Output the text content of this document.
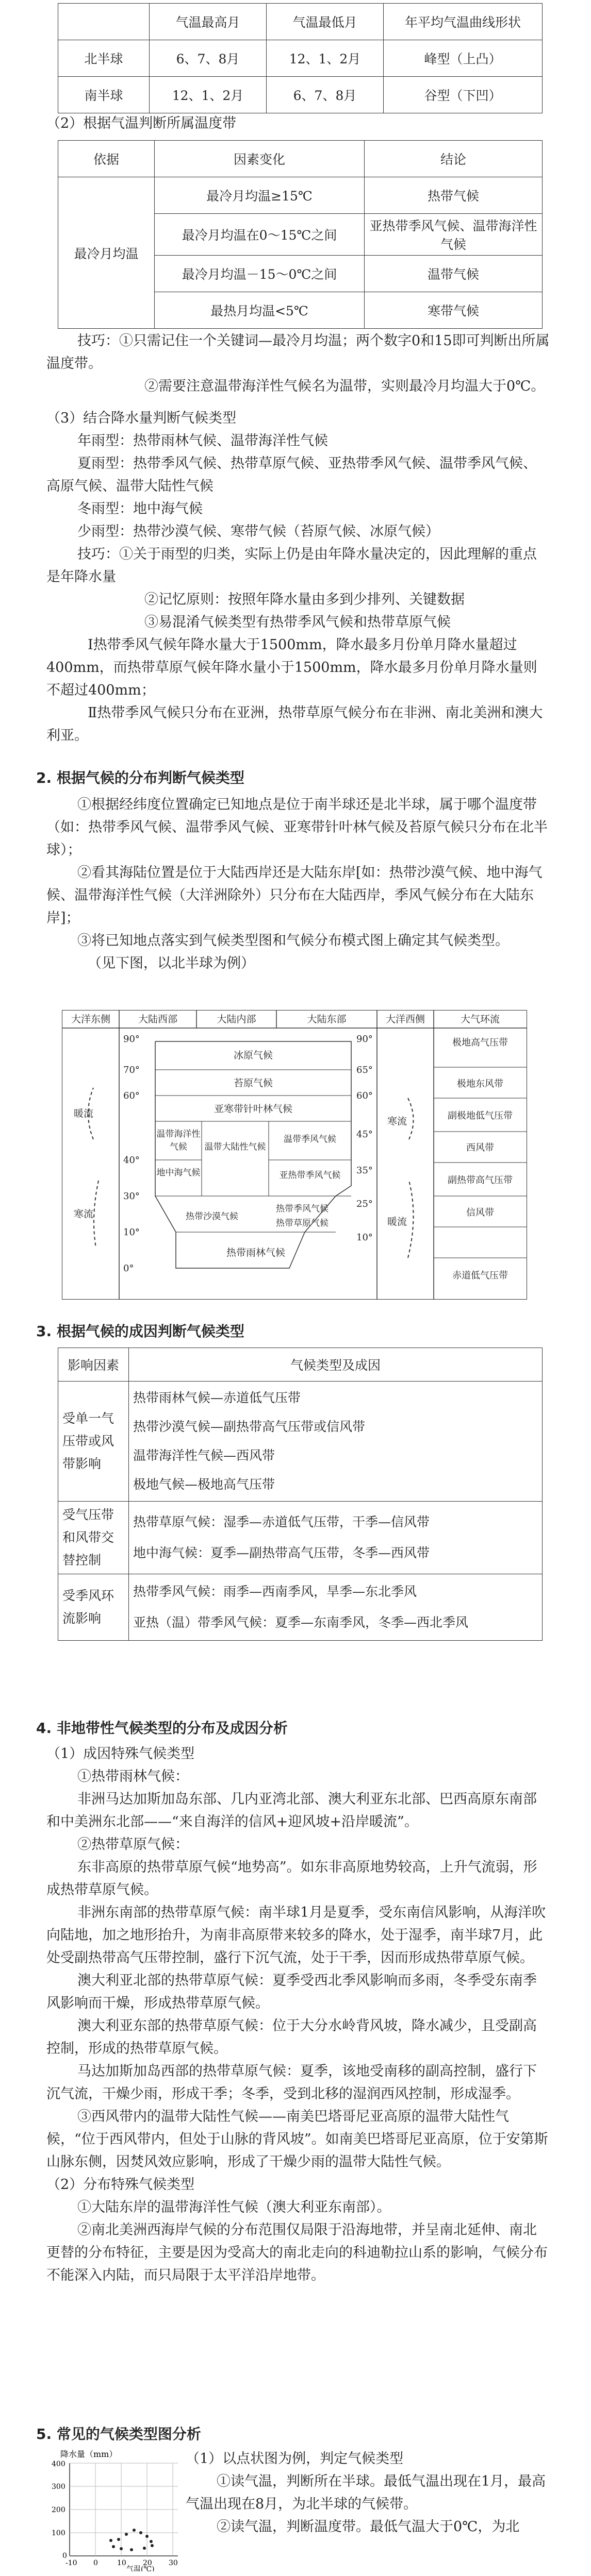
	气温最高月	气温最低月	年平均气温曲线形状
北半球	6、7、8月	12、1、2月	峰型（上凸）
南半球	12、1、2月	6、7、8月	谷型（下凹）

（2）根据气温判断所属温度带

依据	因素变化	结论
最冷月均温	最冷月均温≥15℃	热带气候
	最冷月均温在0～15℃之间	亚热带季风气候、温带海洋性气候
	最冷月均温－15～0℃之间	温带气候
	最热月均温<5℃	寒带气候

技巧：①只需记住一个关键词—最冷月均温；两个数字0和15即可判断出所属温度带。

②需要注意温带海洋性气候名为温带，实则最冷月均温大于0℃。

（3）结合降水量判断气候类型

年雨型：热带雨林气候、温带海洋性气候

夏雨型：热带季风气候、热带草原气候、亚热带季风气候、温带季风气候、高原气候、温带大陆性气候

冬雨型：地中海气候

少雨型：热带沙漠气候、寒带气候（苔原气候、冰原气候）

技巧：①关于雨型的归类，实际上仍是由年降水量决定的，因此理解的重点是年降水量

②记忆原则：按照年降水量由多到少排列、关键数据

③易混淆气候类型有热带季风气候和热带草原气候

Ⅰ热带季风气候年降水量大于1500mm，降水最多月份单月降水量超过400mm，而热带草原气候年降水量小于1500mm，降水最多月份单月降水量则不超过400mm；

Ⅱ热带季风气候只分布在亚洲，热带草原气候分布在非洲、南北美洲和澳大利亚。

2. 根据气候的分布判断气候类型

①根据经纬度位置确定已知地点是位于南半球还是北半球，属于哪个温度带（如：热带季风气候、温带季风气候、亚寒带针叶林气候及苔原气候只分布在北半球）；

②看其海陆位置是位于大陆西岸还是大陆东岸[如：热带沙漠气候、地中海气候、温带海洋性气候（大洋洲除外）只分布在大陆西岸，季风气候分布在大陆东岸]；

③将已知地点落实到气候类型图和气候分布模式图上确定其气候类型。

（见下图，以北半球为例）

大洋东侧	大陆西部	大陆内部	大陆东部	大洋西侧	大气环流
90°
70°
60°
40°
30°
10°
0°
90°
65°
60°
45°
35°
25°
10°
冰原气候
苔原气候
亚寒带针叶林气候
温带海洋性气候	温带大陆性气候
温带季风气候
地中海气候	亚热带季风气候
热带沙漠气候
热带季风气候
热带草原气候
热带雨林气候
暖流
寒流
寒流
暖流
极地高气压带
极地东风带
副极地低气压带
西风带
副热带高气压带
信风带
赤道低气压带

3. 根据气候的成因判断气候类型

影响因素	气候类型及成因
受单一气压带或风带影响	热带雨林气候—赤道低气压带
热带沙漠气候—副热带高气压带或信风带
温带海洋性气候—西风带
极地气候—极地高气压带

受气压带和风带交替控制	热带草原气候：湿季—赤道低气压带，干季—信风带
地中海气候：夏季—副热带高气压带，冬季—西风带

受季风环流影响	热带季风气候：雨季—西南季风，旱季—东北季风
亚热（温）带季风气候：夏季—东南季风，冬季—西北季风

4. 非地带性气候类型的分布及成因分析

（1）成因特殊气候类型

①热带雨林气候：

非洲马达加斯加岛东部、几内亚湾北部、澳大利亚东北部、巴西高原东南部和中美洲东北部——“来自海洋的信风+迎风坡+沿岸暖流”。

②热带草原气候：

东非高原的热带草原气候“地势高”。如东非高原地势较高，上升气流弱，形成热带草原气候。

非洲东南部的热带草原气候：南半球1月是夏季，受东南信风影响，从海洋吹向陆地，加之地形抬升，为南非高原带来较多的降水，处于湿季，南半球7月，此处受副热带高气压带控制，盛行下沉气流，处于干季，因而形成热带草原气候。

澳大利亚北部的热带草原气候：夏季受西北季风影响而多雨，冬季受东南季风影响而干燥，形成热带草原气候。

澳大利亚东部的热带草原气候：位于大分水岭背风坡，降水减少，且受副高控制，形成的热带草原气候。

马达加斯加岛西部的热带草原气候：夏季，该地受南移的副高控制，盛行下沉气流，干燥少雨，形成干季；冬季，受到北移的湿润西风控制，形成湿季。

③西风带内的温带大陆性气候——南美巴塔哥尼亚高原的温带大陆性气候，“位于西风带内，但处于山脉的背风坡”。如南美巴塔哥尼亚高原，位于安第斯山脉东侧，因焚风效应影响，形成了干燥少雨的温带大陆性气候。

（2）分布特殊气候类型

①大陆东岸的温带海洋性气候（澳大利亚东南部）。

②南北美洲西海岸气候的分布范围仅局限于沿海地带，并呈南北延伸、南北更替的分布特征，主要是因为受高大的南北走向的科迪勒拉山系的影响，气候分布不能深入内陆，而只局限于太平洋沿岸地带。

5. 常见的气候类型图分析

降水量（mm）
400
300
200
100
0
-10 0	10 20 30
气温(℃)

（1）以点状图为例，判定气候类型

①读气温，判断所在半球。最低气温出现在1月，最高气温出现在8月，为北半球的气候带。

②读气温，判断温度带。最低气温大于0℃，为北
